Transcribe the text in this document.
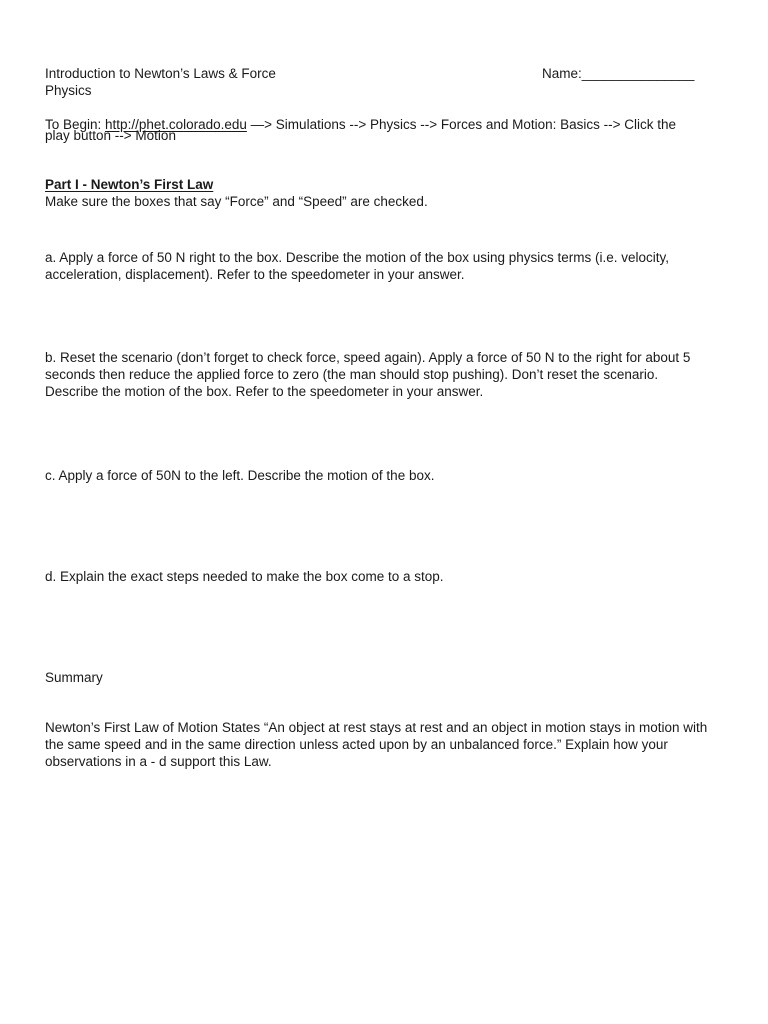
Introduction to Newton’s Laws & Force
Physics
Name:_______________
To Begin: http://phet.colorado.edu —> Simulations --> Physics --> Forces and Motion: Basics --> Click the
play button --> Motion
Part I - Newton’s First Law
Make sure the boxes that say “Force” and “Speed” are checked.
a. Apply a force of 50 N right to the box. Describe the motion of the box using physics terms (i.e. velocity,
acceleration, displacement). Refer to the speedometer in your answer.
b. Reset the scenario (don’t forget to check force, speed again). Apply a force of 50 N to the right for about 5
seconds then reduce the applied force to zero (the man should stop pushing). Don’t reset the scenario.
Describe the motion of the box. Refer to the speedometer in your answer.
c. Apply a force of 50N to the left. Describe the motion of the box.
d. Explain the exact steps needed to make the box come to a stop.
Summary
Newton’s First Law of Motion States “An object at rest stays at rest and an object in motion stays in motion with
the same speed and in the same direction unless acted upon by an unbalanced force.” Explain how your
observations in a - d support this Law.
